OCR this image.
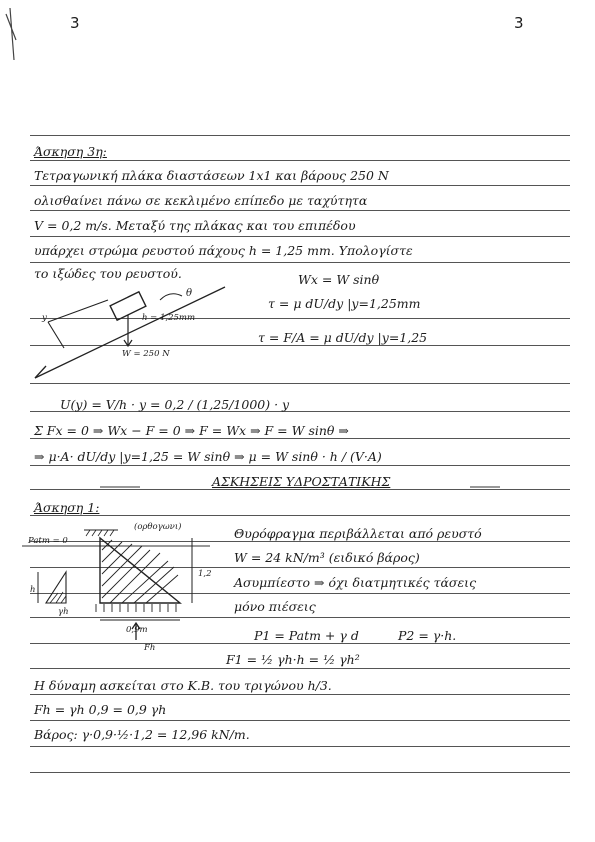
3	3
Άσκηση 3η:
Τετραγωνική πλάκα διαστάσεων 1x1 και βάρους 250 N
ολισθαίνει πάνω σε κεκλιμένο επίπεδο με ταχύτητα
V = 0,2 m/s. Μεταξύ της πλάκας και του επιπέδου
υπάρχει στρώμα ρευστού πάχους h = 1,25 mm. Υπολογίστε
το ιξώδες του ρευστού.	Wx = W sinθ
τ = μ dU/dy |y=1,25mm
τ = F/A = μ dU/dy |y=1,25
θ
h = 1,25mm
W = 250 N
y
U(y) = V/h · y = 0,2 / (1,25/1000) · y
Σ Fx = 0 ⇒ Wx − F = 0 ⇒ F = Wx ⇒ F = W sinθ ⇒
⇒ μ·A· dU/dy |y=1,25 = W sinθ ⇒ μ = W sinθ · h / (V·A)
ΑΣΚΗΣΕΙΣ ΥΔΡΟΣΤΑΤΙΚΗΣ
Άσκηση 1:
Patm = 0
(ορθογωνι)
h
γh
1,2
0,9m
Fh
Θυρόφραγμα περιβάλλεται από ρευστό
W = 24 kN/m³ (ειδικό βάρος)
Ασυμπίεστο ⇒ όχι διατμητικές τάσεις
μόνο πιέσεις
P1 = Patm + γ d	P2 = γ·h.
F1 = ½ γh·h = ½ γh²
Η δύναμη ασκείται στο Κ.Β. του τριγώνου h/3.
Fh = γh 0,9 = 0,9 γh
Βάρος: γ·0,9·½·1,2 = 12,96 kN/m.
